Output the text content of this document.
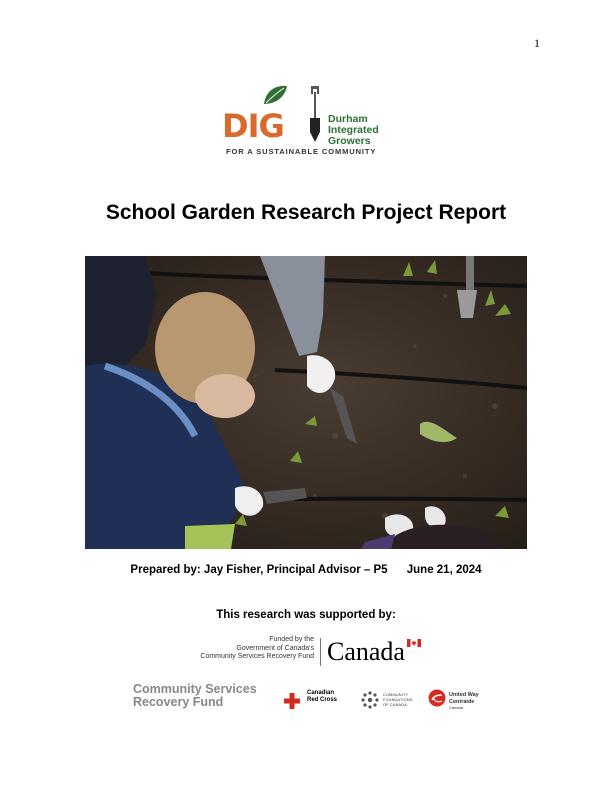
1
DIG	Durham
Integrated
Growers
FOR A SUSTAINABLE COMMUNITY
School Garden Research Project Report
Prepared by: Jay Fisher, Principal Advisor – P5 June 21, 2024
This research was supported by:
Funded by the
Government of Canada's
Community Services Recovery Fund Canada
Community Services
Recovery Fund
Canadian
Red Cross
COMMUNITY
FOUNDATIONS
OF CANADA
United Way
Centraide
Canada
